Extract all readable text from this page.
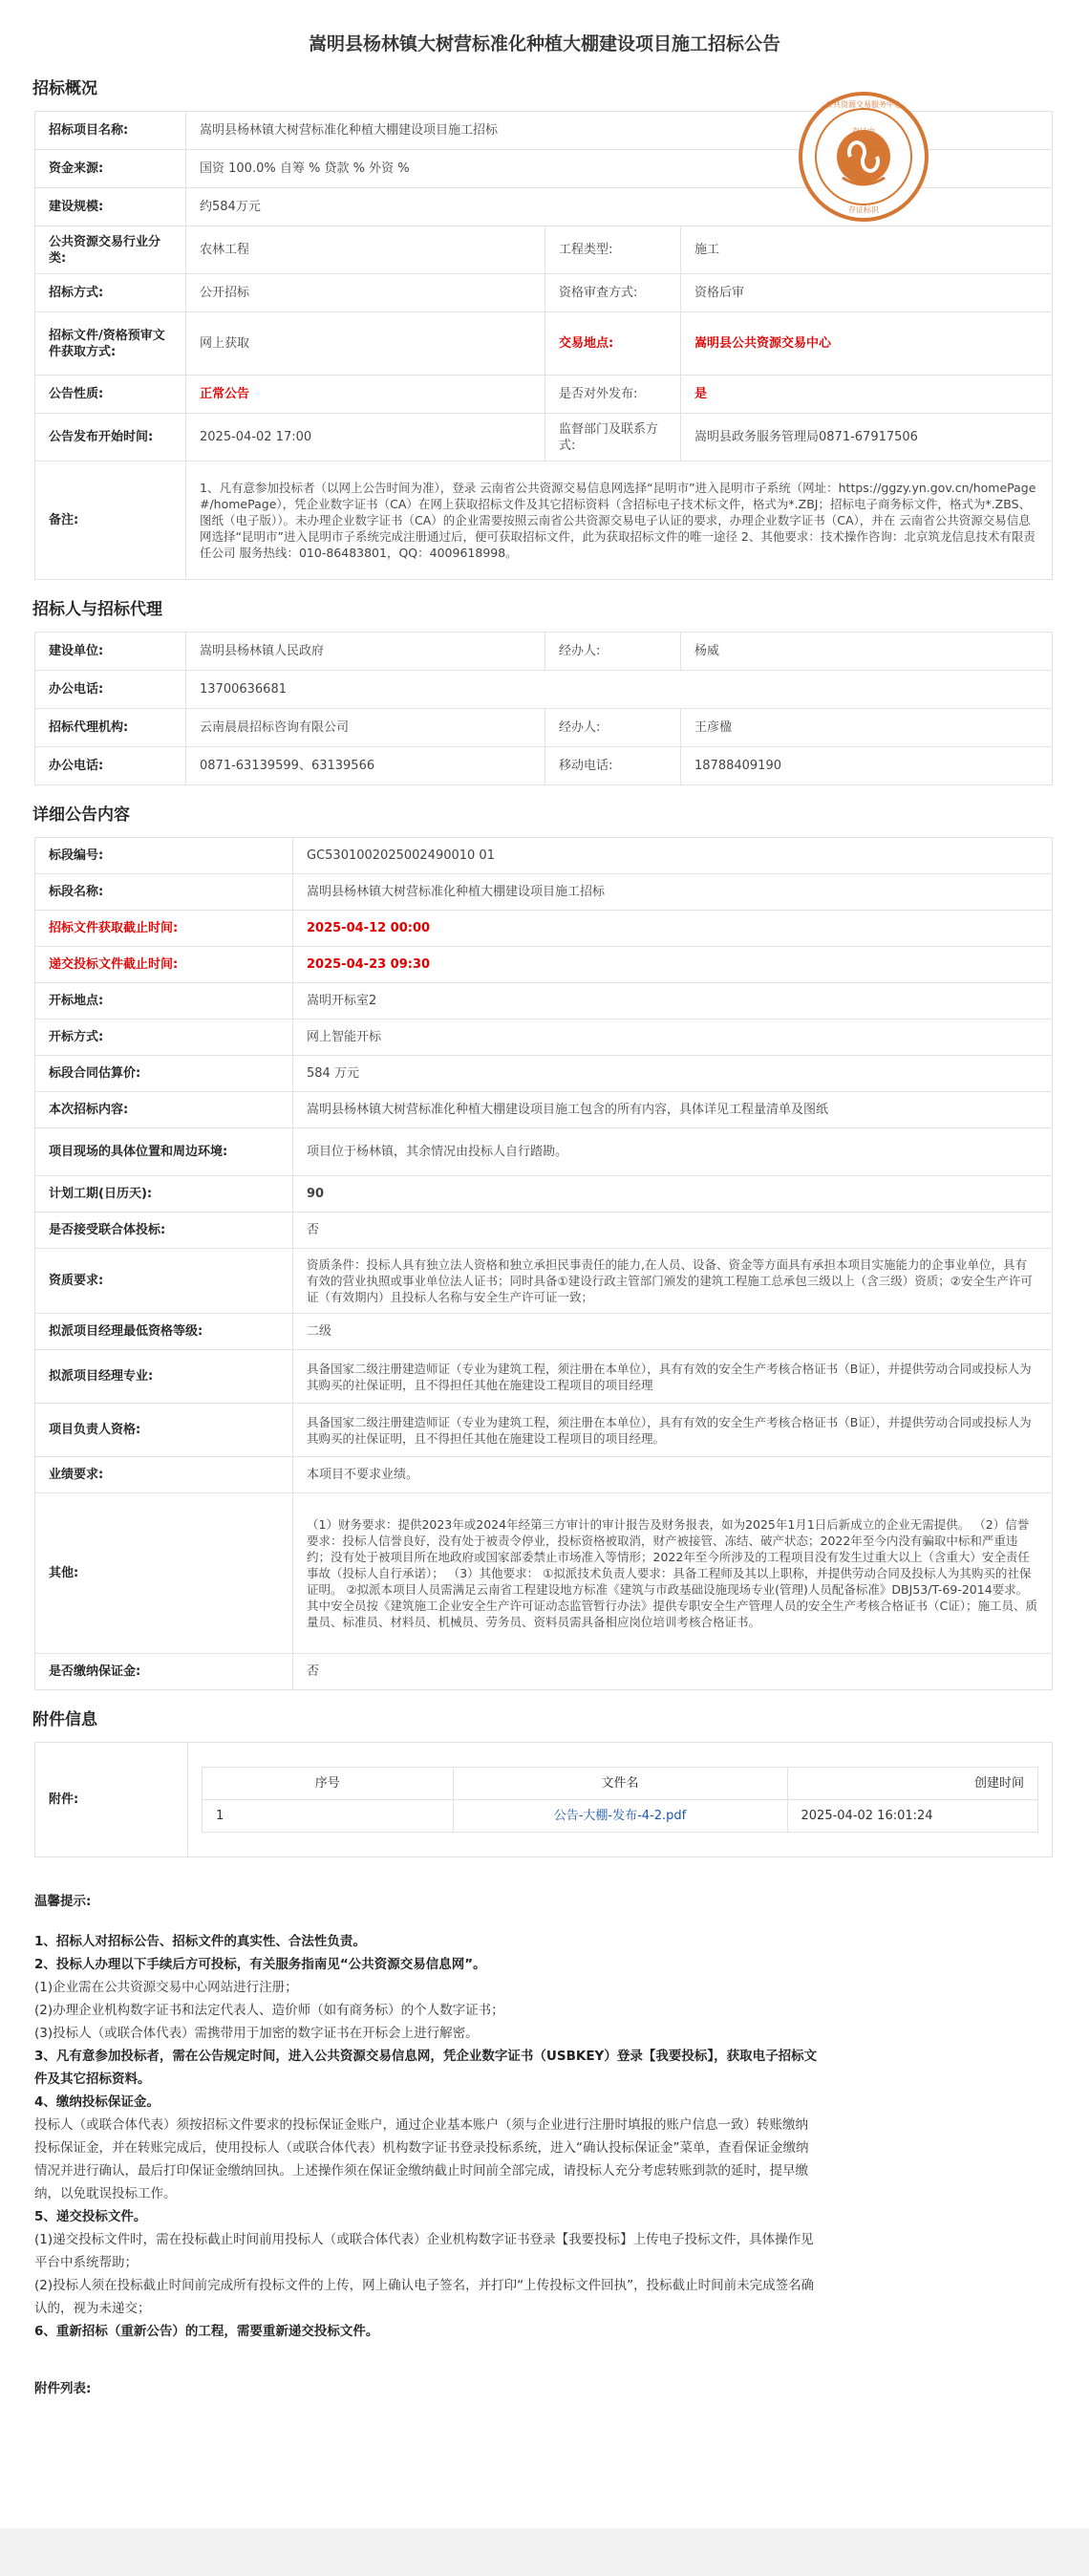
嵩明县杨林镇大树营标准化种植大棚建设项目施工招标公告
招标概况
招标项目名称:	嵩明县杨林镇大树营标准化种植大棚建设项目施工招标		
资金来源:	国资 100.0% 自筹 % 贷款 % 外资 %		
建设规模:	约584万元		
公共资源交易行业分类:	农林工程	工程类型:	施工
招标方式:	公开招标	资格审查方式:	资格后审
招标文件/资格预审文件获取方式:	网上获取	交易地点:	嵩明县公共资源交易中心
公告性质:	正常公告	是否对外发布:	是
公告发布开始时间:	2025-04-02 17:00	监督部门及联系方式:	嵩明县政务服务管理局0871-67917506
备注:	1、凡有意参加投标者（以网上公告时间为准），登录 云南省公共资源交易信息网选择“昆明市”进入昆明市子系统（网址：https://ggzy.yn.gov.cn/homePage#/homePage），凭企业数字证书（CA）在网上获取招标文件及其它招标资料（含招标电子技术标文件，格式为*.ZBJ；招标电子商务标文件，格式为*.ZBS、图纸（电子版））。未办理企业数字证书（CA）的企业需要按照云南省公共资源交易电子认证的要求，办理企业数字证书（CA），并在 云南省公共资源交易信息网选择“昆明市”进入昆明市子系统完成注册通过后，便可获取招标文件，此为获取招标文件的唯一途径 2、其他要求：技术操作咨询：北京筑龙信息技术有限责任公司 服务热线：010-86483801，QQ：4009618998。		
公共资源交易服务中心
存证中
存证标识
招标人与招标代理
建设单位:	嵩明县杨林镇人民政府	经办人:	杨威
办公电话:	13700636681		
招标代理机构:	云南晨晨招标咨询有限公司	经办人:	王彦楹
办公电话:	0871-63139599、63139566	移动电话:	18788409190
详细公告内容
标段编号:	GC5301002025002490010 01
标段名称:	嵩明县杨林镇大树营标准化种植大棚建设项目施工招标
招标文件获取截止时间:	2025-04-12 00:00
递交投标文件截止时间:	2025-04-23 09:30
开标地点:	嵩明开标室2
开标方式:	网上智能开标
标段合同估算价:	584 万元
本次招标内容:	嵩明县杨林镇大树营标准化种植大棚建设项目施工包含的所有内容，具体详见工程量清单及图纸
项目现场的具体位置和周边环境:	项目位于杨林镇，其余情况由投标人自行踏勘。
计划工期(日历天):	90
是否接受联合体投标:	否
资质要求:	资质条件：投标人具有独立法人资格和独立承担民事责任的能力,在人员、设备、资金等方面具有承担本项目实施能力的企事业单位，具有有效的营业执照或事业单位法人证书；同时具备①建设行政主管部门颁发的建筑工程施工总承包三级以上（含三级）资质；②安全生产许可证（有效期内）且投标人名称与安全生产许可证一致；
拟派项目经理最低资格等级:	二级
拟派项目经理专业:	具备国家二级注册建造师证（专业为建筑工程，须注册在本单位），具有有效的安全生产考核合格证书（B证），并提供劳动合同或投标人为其购买的社保证明，且不得担任其他在施建设工程项目的项目经理
项目负责人资格:	具备国家二级注册建造师证（专业为建筑工程，须注册在本单位），具有有效的安全生产考核合格证书（B证），并提供劳动合同或投标人为其购买的社保证明，且不得担任其他在施建设工程项目的项目经理。
业绩要求:	本项目不要求业绩。
其他:	（1）财务要求：提供2023年或2024年经第三方审计的审计报告及财务报表，如为2025年1月1日后新成立的企业无需提供。 （2）信誉要求：投标人信誉良好，没有处于被责令停业，投标资格被取消，财产被接管、冻结、破产状态；2022年至今内没有骗取中标和严重违约；没有处于被项目所在地政府或国家部委禁止市场准入等情形；2022年至今所涉及的工程项目没有发生过重大以上（含重大）安全责任事故（投标人自行承诺）； （3）其他要求： ①拟派技术负责人要求：具备工程师及其以上职称，并提供劳动合同及投标人为其购买的社保证明。 ②拟派本项目人员需满足云南省工程建设地方标准《建筑与市政基础设施现场专业(管理)人员配备标准》DBJ53/T-69-2014要求。其中安全员按《建筑施工企业安全生产许可证动态监管暂行办法》提供专职安全生产管理人员的安全生产考核合格证书（C证）；施工员、质量员、标准员、材料员、机械员、劳务员、资料员需具备相应岗位培训考核合格证书。
是否缴纳保证金:	否
附件信息
附件:	
序号	文件名	创建时间
1	公告-大棚-发布-4-2.pdf	2025-04-02 16:01:24

温馨提示:

1、招标人对招标公告、招标文件的真实性、合法性负责。

2、投标人办理以下手续后方可投标，有关服务指南见“公共资源交易信息网”。

(1)企业需在公共资源交易中心网站进行注册；

(2)办理企业机构数字证书和法定代表人、造价师（如有商务标）的个人数字证书；

(3)投标人（或联合体代表）需携带用于加密的数字证书在开标会上进行解密。

3、凡有意参加投标者，需在公告规定时间，进入公共资源交易信息网，凭企业数字证书（USBKEY）登录【我要投标】，获取电子招标文件及其它招标资料。

4、缴纳投标保证金。

投标人（或联合体代表）须按招标文件要求的投标保证金账户，通过企业基本账户（须与企业进行注册时填报的账户信息一致）转账缴纳投标保证金，并在转账完成后，使用投标人（或联合体代表）机构数字证书登录投标系统，进入“确认投标保证金”菜单，查看保证金缴纳情况并进行确认，最后打印保证金缴纳回执。上述操作须在保证金缴纳截止时间前全部完成，请投标人充分考虑转账到款的延时，提早缴纳，以免耽误投标工作。

5、递交投标文件。

(1)递交投标文件时，需在投标截止时间前用投标人（或联合体代表）企业机构数字证书登录【我要投标】上传电子投标文件，具体操作见平台中系统帮助；

(2)投标人须在投标截止时间前完成所有投标文件的上传，网上确认电子签名，并打印“上传投标文件回执”，投标截止时间前未完成签名确认的，视为未递交；

6、重新招标（重新公告）的工程，需要重新递交投标文件。

附件列表:
